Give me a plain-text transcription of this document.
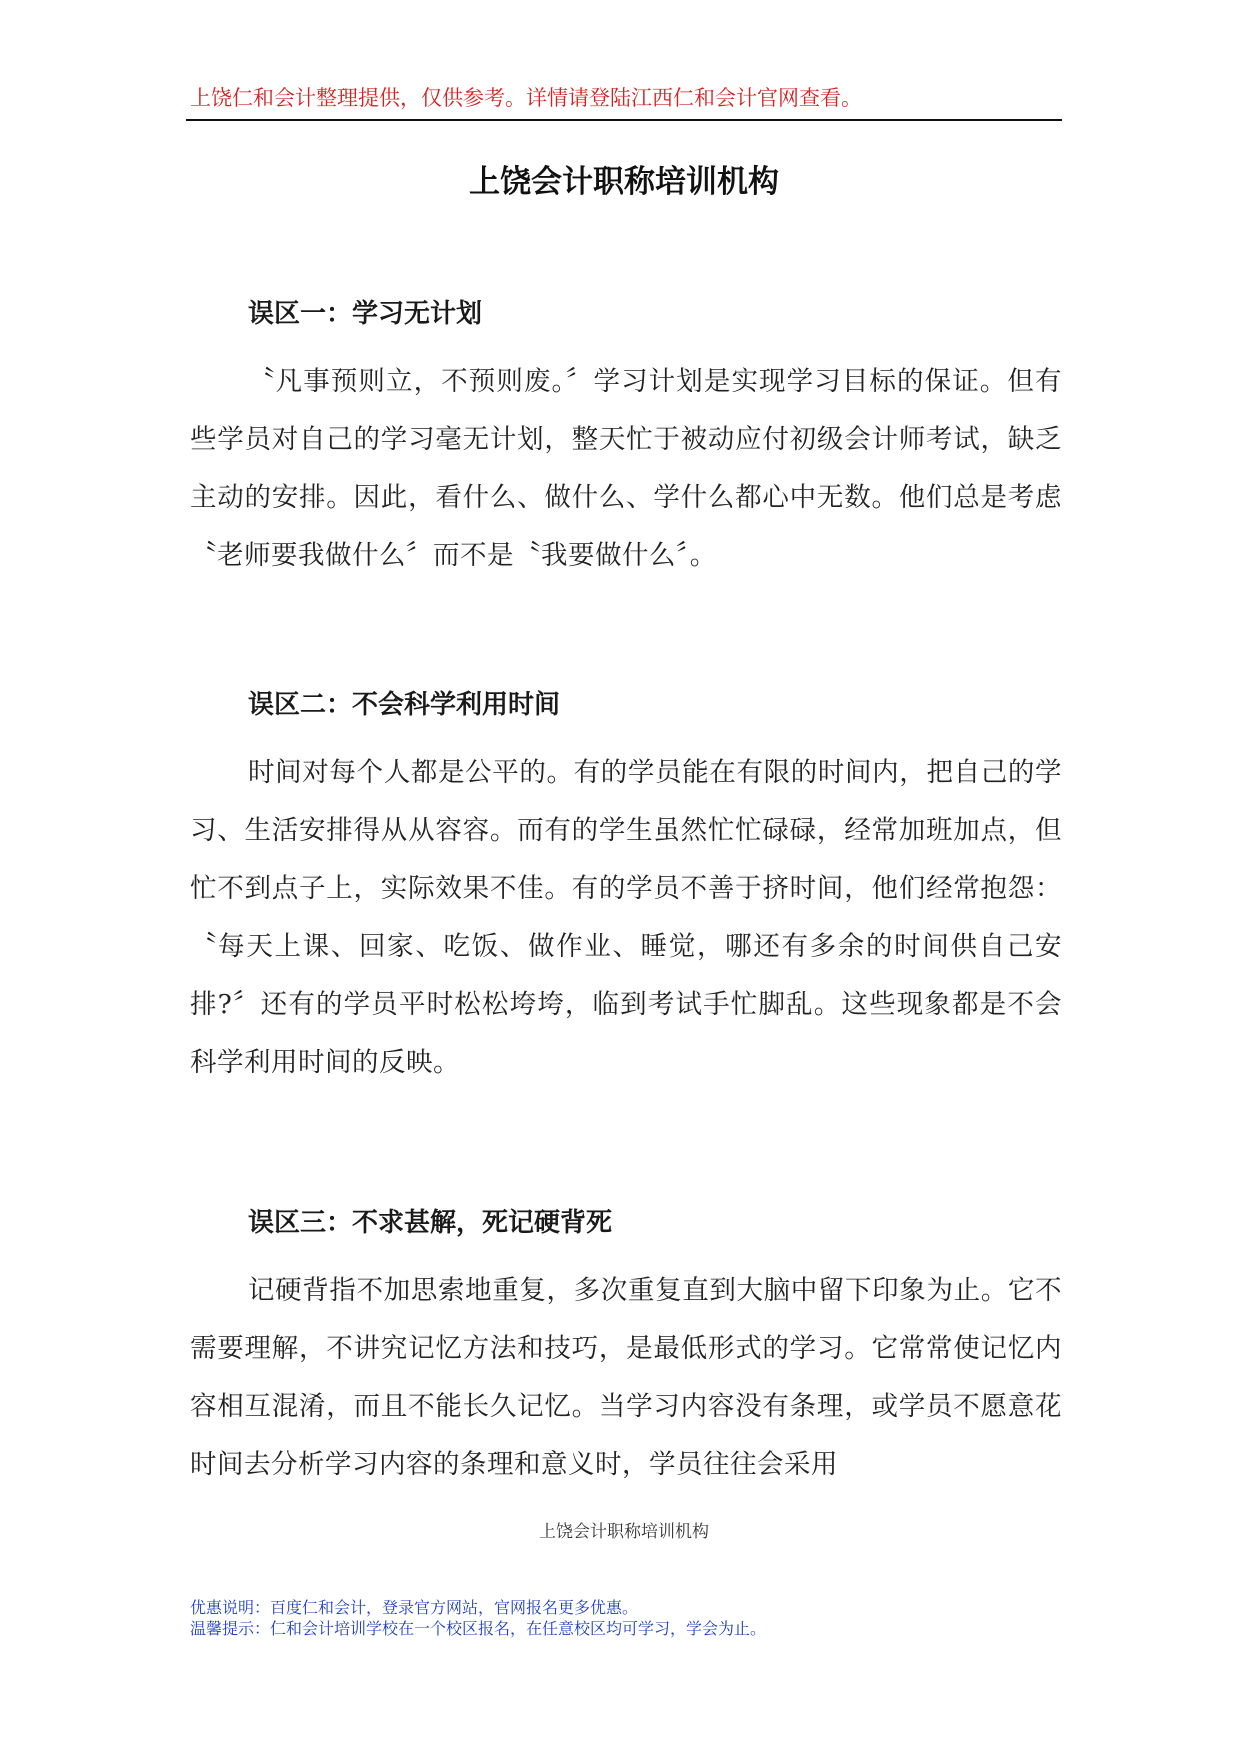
上饶仁和会计整理提供，仅供参考。详情请登陆江西仁和会计官网查看。
上饶会计职称培训机构
误区一：学习无计划

〝凡事预则立，不预则废。〞学习计划是实现学习目标的保证。但有些学员对自己的学习毫无计划，整天忙于被动应付初级会计师考试，缺乏主动的安排。因此，看什么、做什么、学什么都心中无数。他们总是考虑〝老师要我做什么〞而不是〝我要做什么〞。

误区二：不会科学利用时间

时间对每个人都是公平的。有的学员能在有限的时间内，把自己的学习、生活安排得从从容容。而有的学生虽然忙忙碌碌，经常加班加点，但忙不到点子上，实际效果不佳。有的学员不善于挤时间，他们经常抱怨：〝每天上课、回家、吃饭、做作业、睡觉，哪还有多余的时间供自己安排?〞还有的学员平时松松垮垮，临到考试手忙脚乱。这些现象都是不会科学利用时间的反映。

误区三：不求甚解，死记硬背死

记硬背指不加思索地重复，多次重复直到大脑中留下印象为止。它不需要理解，不讲究记忆方法和技巧，是最低形式的学习。它常常使记忆内容相互混淆，而且不能长久记忆。当学习内容没有条理，或学员不愿意花时间去分析学习内容的条理和意义时，学员往往会采用

上饶会计职称培训机构
优惠说明：百度仁和会计，登录官方网站，官网报名更多优惠。
温馨提示：仁和会计培训学校在一个校区报名，在任意校区均可学习，学会为止。
